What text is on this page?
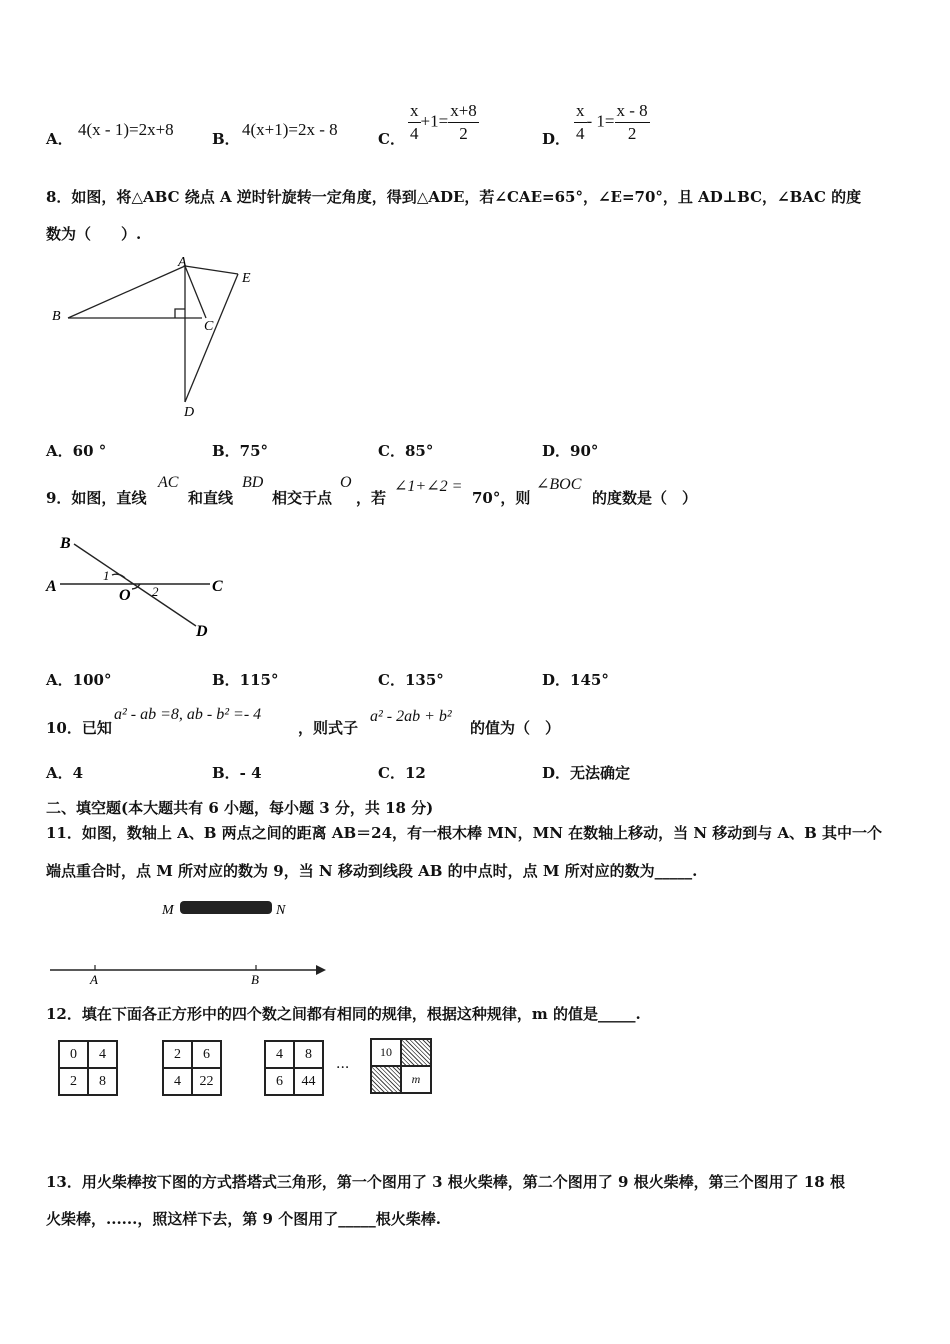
A． 4(x - 1)=2x+8	B． 4(x+1)=2x - 8	C． $\frac{x}{4} +1= \frac{x+8}{2}$	D． $\frac{x}{4} - 1= \frac{x - 8}{2}$
8．如图，将△ABC 绕点 A 逆时针旋转一定角度，得到△ADE，若∠CAE=65°，∠E=70°，且 AD⊥BC，∠BAC 的度
数为（　　）.
A
B
C
D
E
A．60 °	B．75°	C．85°	D．90°
9．如图，直线
AC
和直线
BD
相交于点
O
，若
∠1+∠2 =
70°，则
∠BOC
的度数是（　）
A
B
C
D
O
1
2
A．100°	B．115°	C．135°	D．145°
10．已知
a² - ab =8, ab - b² =- 4
，则式子
a² - 2ab + b²
的值为（　）
A．4	B．- 4	C．12	D．无法确定
二、填空题(本大题共有 6 小题，每小题 3 分，共 18 分)
11．如图，数轴上 A、B 两点之间的距离 AB＝24，有一根木棒 MN，MN 在数轴上移动，当 N 移动到与 A、B 其中一个
端点重合时，点 M 所对应的数为 9，当 N 移动到线段 AB 的中点时，点 M 所对应的数为_____.
M	N
A	B
12．填在下面各正方形中的四个数之间都有相同的规律，根据这种规律，m 的值是_____.
0	4
2	8
2	6
4	22
4	8
6	44
···
10
m
13．用火柴棒按下图的方式搭塔式三角形，第一个图用了 3 根火柴棒，第二个图用了 9 根火柴棒，第三个图用了 18 根
火柴棒，......，照这样下去，第 9 个图用了_____根火柴棒.
